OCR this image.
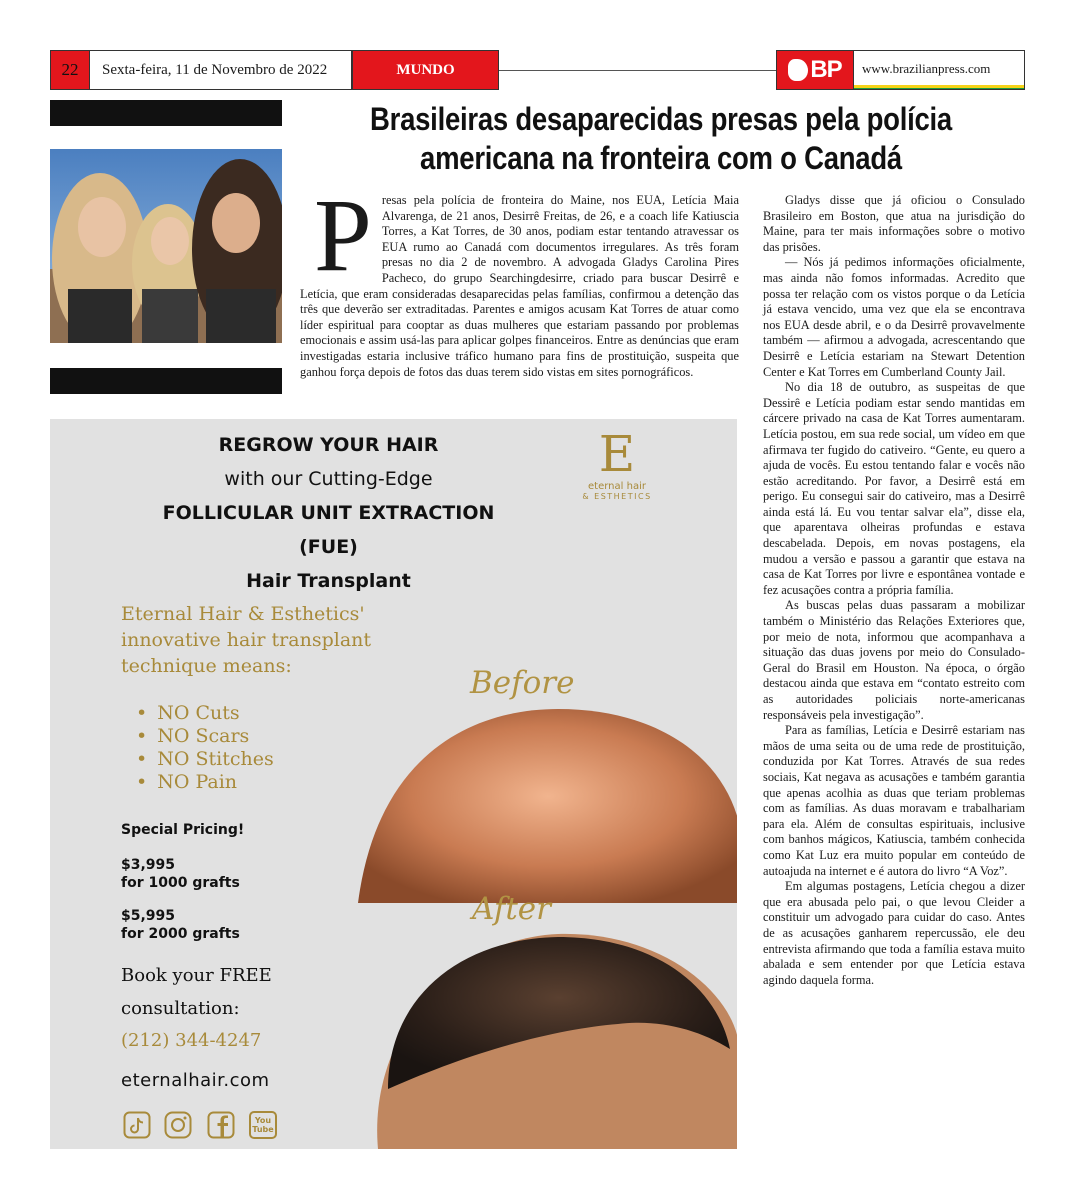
22	Sexta-feira, 11 de Novembro de 2022	MUNDO	BP	www.brazilianpress.com
Brasileiras desaparecidas presas pela polícia americana na fronteira com o Canadá
P resas pela polícia de fronteira do Maine, nos EUA, Letícia Maia Alvarenga, de 21 anos, Desirrê Freitas, de 26, e a coach life Katiuscia Torres, a Kat Torres, de 30 anos, podiam estar tentando atravessar os EUA rumo ao Canadá com documentos irregulares. As três foram presas no dia 2 de novembro. A advogada Gladys Carolina Pires Pacheco, do grupo Searchingdesirre, criado para buscar Desirrê e Letícia, que eram consideradas desaparecidas pelas famílias, confirmou a detenção das três que deverão ser extraditadas. Parentes e amigos acusam Kat Torres de atuar como líder espiritual para cooptar as duas mulheres que estariam passando por problemas emocionais e assim usá-las para aplicar golpes financeiros. Entre as denúncias que eram investigadas estaria inclusive tráfico humano para fins de prostituição, suspeita que ganhou força depois de fotos das duas terem sido vistas em sites pornográficos.

Gladys disse que já oficiou o Consulado Brasileiro em Boston, que atua na jurisdição do Maine, para ter mais informações sobre o motivo das prisões.

— Nós já pedimos informações oficialmente, mas ainda não fomos informadas. Acredito que possa ter relação com os vistos porque o da Letícia já estava vencido, uma vez que ela se encontrava nos EUA desde abril, e o da Desirrê provavelmente também — afirmou a advogada, acrescentando que Desirrê e Letícia estariam na Stewart Detention Center e Kat Torres em Cumberland County Jail.

No dia 18 de outubro, as suspeitas de que Dessirê e Letícia podiam estar sendo mantidas em cárcere privado na casa de Kat Torres aumentaram. Letícia postou, em sua rede social, um vídeo em que afirmava ter fugido do cativeiro. “Gente, eu quero a ajuda de vocês. Eu estou tentando falar e vocês não estão acreditando. Por favor, a Desirrê está em perigo. Eu consegui sair do cativeiro, mas a Desirrê ainda está lá. Eu vou tentar salvar ela”, disse ela, que aparentava olheiras profundas e estava descabelada. Depois, em novas postagens, ela mudou a versão e passou a garantir que estava na casa de Kat Torres por livre e espontânea vontade e fez acusações contra a própria família.

As buscas pelas duas passaram a mobilizar também o Ministério das Relações Exteriores que, por meio de nota, informou que acompanhava a situação das duas jovens por meio do Consulado-Geral do Brasil em Houston. Na época, o órgão destacou ainda que estava em “contato estreito com as autoridades policiais norte-americanas responsáveis pela investigação”.

Para as famílias, Letícia e Desirrê estariam nas mãos de uma seita ou de uma rede de prostituição, conduzida por Kat Torres. Através de sua redes sociais, Kat negava as acusações e também garantia que apenas acolhia as duas que teriam problemas com as famílias. As duas moravam e trabalhariam para ela. Além de consultas espirituais, inclusive com banhos mágicos, Katiuscia, também conhecida como Kat Luz era muito popular em conteúdo de autoajuda na internet e é autora do livro “A Voz”.

Em algumas postagens, Letícia chegou a dizer que era abusada pelo pai, o que levou Cleider a constituir um advogado para cuidar do caso. Antes de as acusações ganharem repercussão, ele deu entrevista afirmando que toda a família estava muito abalada e sem entender por que Letícia estava agindo daquela forma.

REGROW YOUR HAIR
with our Cutting-Edge
FOLLICULAR UNIT EXTRACTION
(FUE)
Hair Transplant
Eternal Hair & Esthetics' innovative hair transplant technique means:
• NO Cuts
• NO Scars
• NO Stitches
• NO Pain
Special Pricing!
$3,995
for 1000 grafts
$5,995
for 2000 grafts
Book your FREE
consultation:
(212) 344-4247
eternalhair.com
Before
After
E
eternal hair
& ESTHETICS
You Tube
